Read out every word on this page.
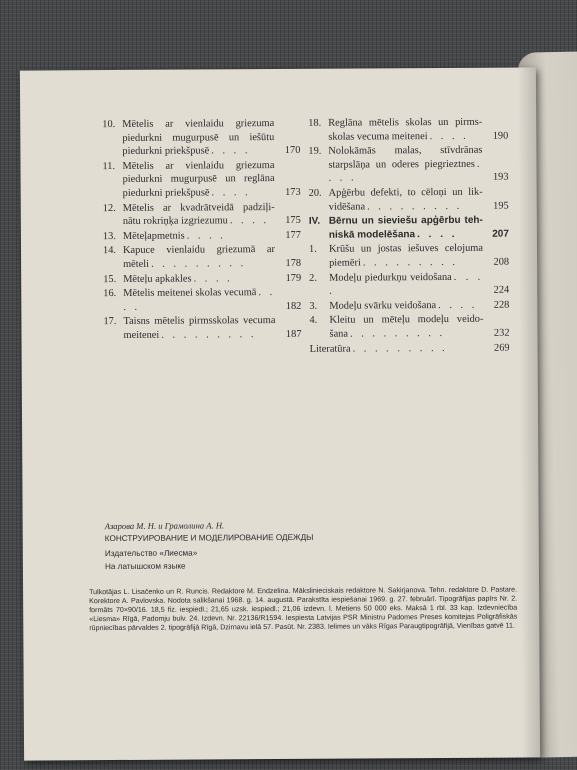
10. Mētelis ar vienlaidu griezuma
piedurkni mugurpusē un iešūtu
piedurkni priekšpusē . . . .	170
11. Mētelis ar vienlaidu griezuma
piedurkni mugurpusē un reglāna
piedurkni priekšpusē . . . .	173
12. Mētelis ar kvadrātveidā padziļi-
nātu rokriņķa izgriezumu . . . .	175
13. Mēteļapmetnis . . . .	177
14. Kapuce vienlaidu griezumā ar
mēteli . . . . . . . . .	178
15. Mēteļu apkakles . . . .	179
16. Mētelis meitenei skolas vecumā . . . .	182
17. Taisns mētelis pirmsskolas vecuma
meitenei . . . . . . . . .	187
18. Reglāna mētelis skolas un pirms-
skolas vecuma meitenei . . . .	190
19. Nolokāmās malas, stīvdrānas
starpslāņa un oderes piegrieztnes . . . .	193
20. Apģērbu defekti, to cēloņi un lik-
vidēšana . . . . . . . . .	195
IV. Bērnu un sieviešu apģērbu teh-
niskā modelēšana . . . .	207
1. Krūšu un jostas iešuves celojuma
piemēri . . . . . . . . .	208
2. Modeļu piedurkņu veidošana . . . .	224
3. Modeļu svārku veidošana . . . .	228
4. Kleitu un mēteļu modeļu veido-
šana . . . . . . . . .	232
Literatūra . . . . . . . . .	269
Азарова М. Н. и Грамолина А. Н.
КОНСТРУИРОВАНИЕ И МОДЕЛИРОВАНИЕ ОДЕЖДЫ
Издательство «Лиесма»
На латышском языке
Tulkotājas L. Lisačenko un R. Runcis. Redaktore M. Endzelina. Mākslinieciskais redaktore N. Sakirjanova. Tehn. redaktore D. Pastare. Korektore A. Pavlovska. Nodota salikšanai 1968. g. 14. augustā. Parakstīta iespiešanai 1969. g. 27. februārī. Tipogrāfijas papīrs Nr. 2. formāts 70×90/16. 18,5 fiz. iespiedl.; 21,65 uzsk. iespiedl.; 21,06 izdevn. l. Metiens 50 000 eks. Maksā 1 rbl. 33 kap. Izdevniecība «Liesma» Rīgā, Padomju bulv. 24. Izdevn. Nr. 22136/R1594. Iespiesta Latvijas PSR Ministru Padomes Preses komitejas Poligrāfiskās rūpniecības pārvaldes 2. tipogrāfijā Rīgā, Dzirnavu ielā 57. Pasūt. Nr. 2383. Ielimes un vāks Rīgas Paraugtipogrāfijā, Vienības gatvē 11.
